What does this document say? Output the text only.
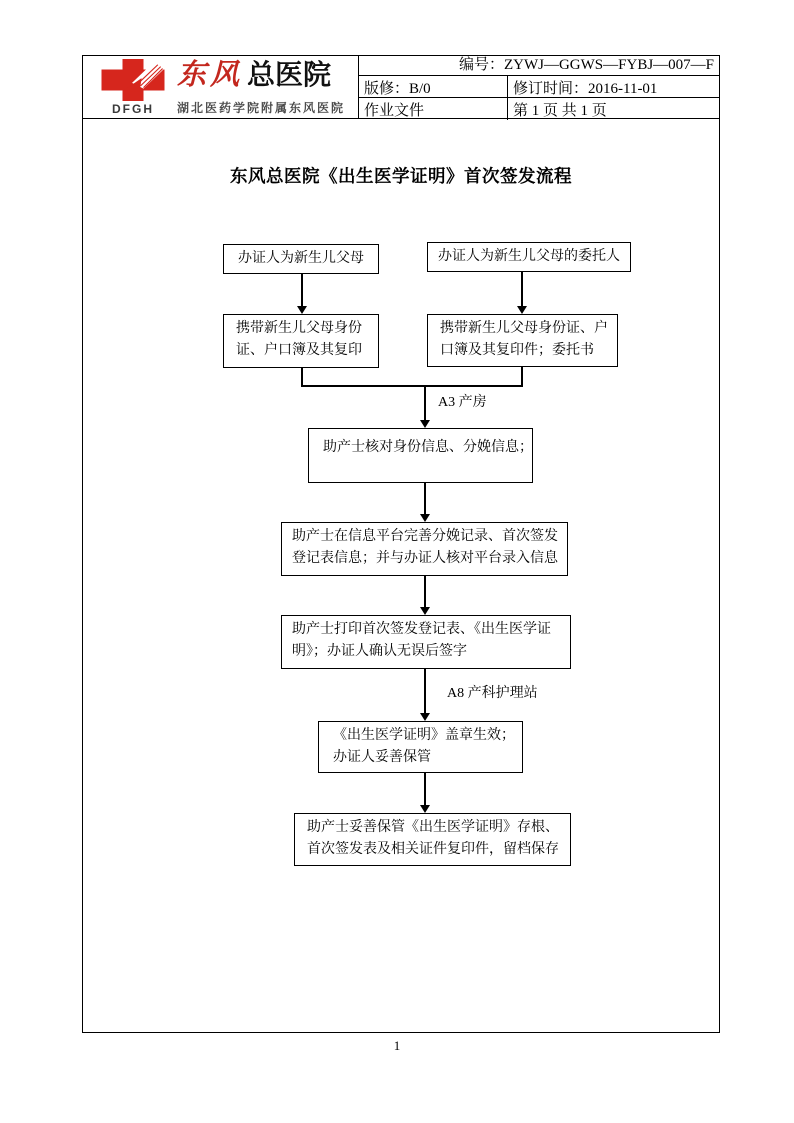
DFGH
东风 总医院
湖北医药学院附属东风医院
编号：ZYWJ—GGWS—FYBJ—007—F
版修：B/0	修订时间：2016-11-01
作业文件	第 1 页 共 1 页
东风总医院《出生医学证明》首次签发流程
办证人为新生儿父母	办证人为新生儿父母的委托人
携带新生儿父母身份
证、户口簿及其复印
携带新生儿父母身份证、户
口簿及其复印件；委托书
助产士核对身份信息、分娩信息；
助产士在信息平台完善分娩记录、首次签发
登记表信息；并与办证人核对平台录入信息
助产士打印首次签发登记表、《出生医学证
明》；办证人确认无误后签字
《出生医学证明》盖章生效；
办证人妥善保管
助产士妥善保管《出生医学证明》存根、
首次签发表及相关证件复印件，留档保存
A3 产房
A8 产科护理站
1
